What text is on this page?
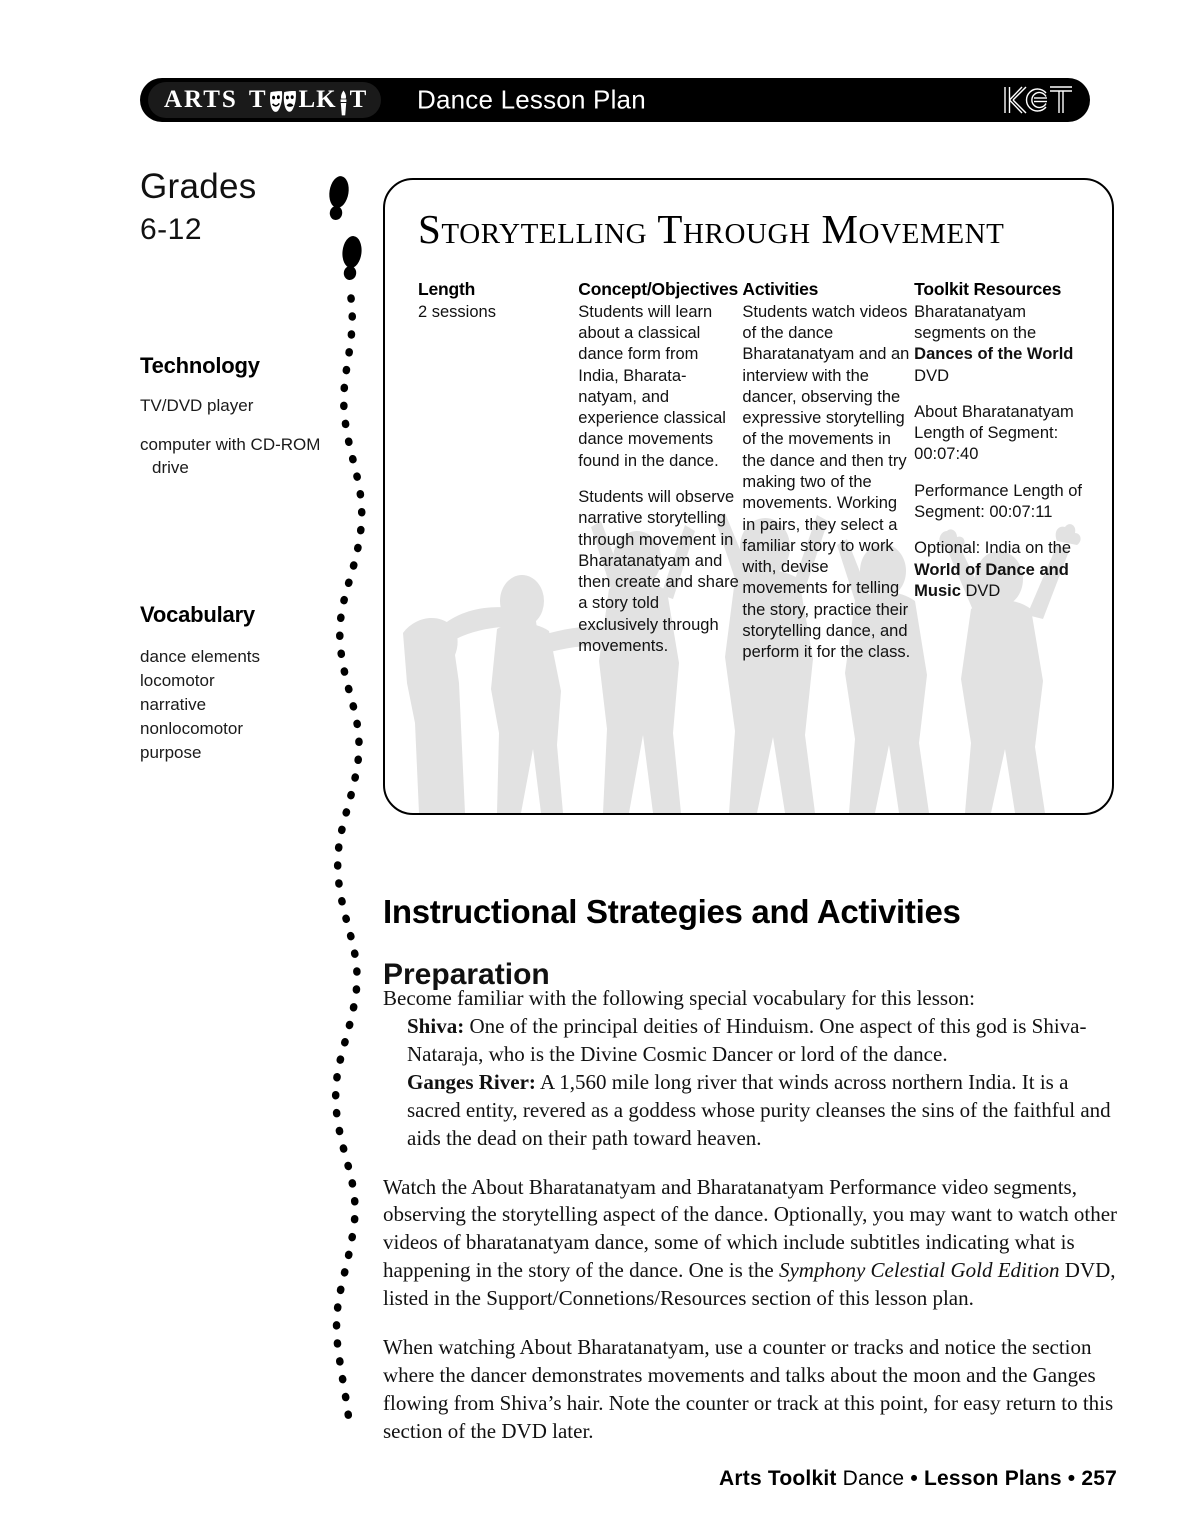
ARTS T LK T Dance Lesson Plan
Grades
6-12
Technology
TV/DVD player
computer with CD-ROM
drive
Vocabulary
dance elements
locomotor
narrative
nonlocomotor
purpose
Storytelling Through Movement
Length

2 sessions

Concept/Objectives

Students will learn about a classical dance form from India, Bharata-natyam, and experience classical dance movements found in the dance.

Students will observe narrative storytelling through movement in Bharatanatyam and then create and share a story told exclusively through movements.

Activities

Students watch videos of the dance Bharatanatyam and an interview with the dancer, observing the expressive storytelling of the movements in the dance and then try making two of the movements. Working in pairs, they select a familiar story to work with, devise movements for telling the story, practice their storytelling dance, and perform it for the class.

Toolkit Resources

Bharatanatyam segments on the Dances of the World DVD

About Bharatanatyam Length of Segment: 00:07:40

Performance Length of Segment: 00:07:11

Optional: India on the World of Dance and Music DVD

Instructional Strategies and Activities
Preparation

Become familiar with the following special vocabulary for this lesson:
Shiva: One of the principal deities of Hinduism. One aspect of this god is Shiva-Nataraja, who is the Divine Cosmic Dancer or lord of the dance.
Ganges River: A 1,560 mile long river that winds across northern India. It is a sacred entity, revered as a goddess whose purity cleanses the sins of the faithful and aids the dead on their path toward heaven.

Watch the About Bharatanatyam and Bharatanatyam Performance video segments, observing the storytelling aspect of the dance. Optionally, you may want to watch other videos of bharatanatyam dance, some of which include subtitles indicating what is happening in the story of the dance. One is the Symphony Celestial Gold Edition DVD, listed in the Support/Connetions/Resources section of this lesson plan.

When watching About Bharatanatyam, use a counter or tracks and notice the section where the dancer demonstrates movements and talks about the moon and the Ganges flowing from Shiva’s hair. Note the counter or track at this point, for easy return to this section of the DVD later.

Arts Toolkit Dance • Lesson Plans • 257
